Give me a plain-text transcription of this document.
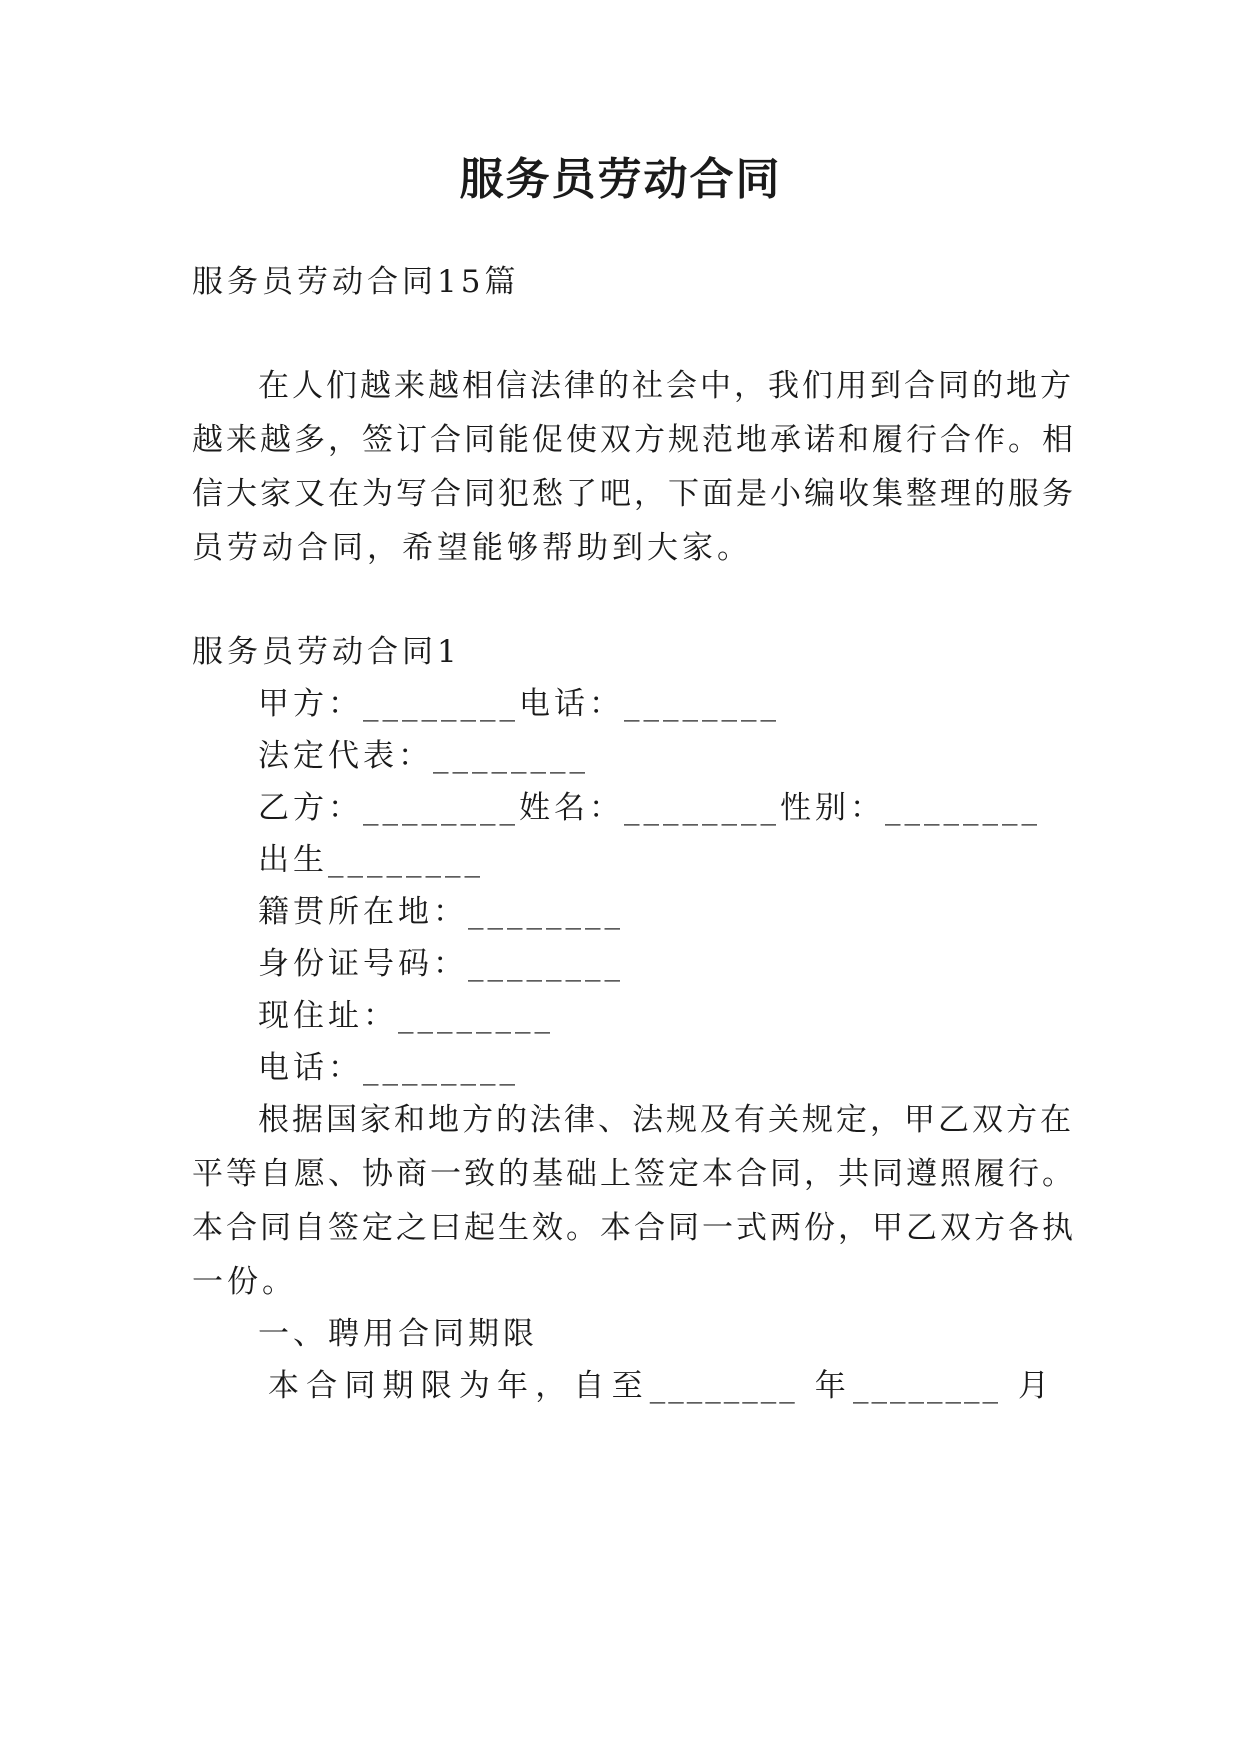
服务员劳动合同
服务员劳动合同15篇
在人们越来越相信法律的社会中，我们用到合同的地方
越来越多，签订合同能促使双方规范地承诺和履行合作。相
信大家又在为写合同犯愁了吧，下面是小编收集整理的服务
员劳动合同，希望能够帮助到大家。
服务员劳动合同1
甲方：________电话：________
法定代表：________
乙方：________姓名：________性别：________
出生________
籍贯所在地：________
身份证号码：________
现住址：________
电话：________
根据国家和地方的法律、法规及有关规定，甲乙双方在
平等自愿、协商一致的基础上签定本合同，共同遵照履行。
本合同自签定之曰起生效。本合同一式两份，甲乙双方各执
一份。
一、聘用合同期限
本合同期限为年，自至________ 年________ 月
